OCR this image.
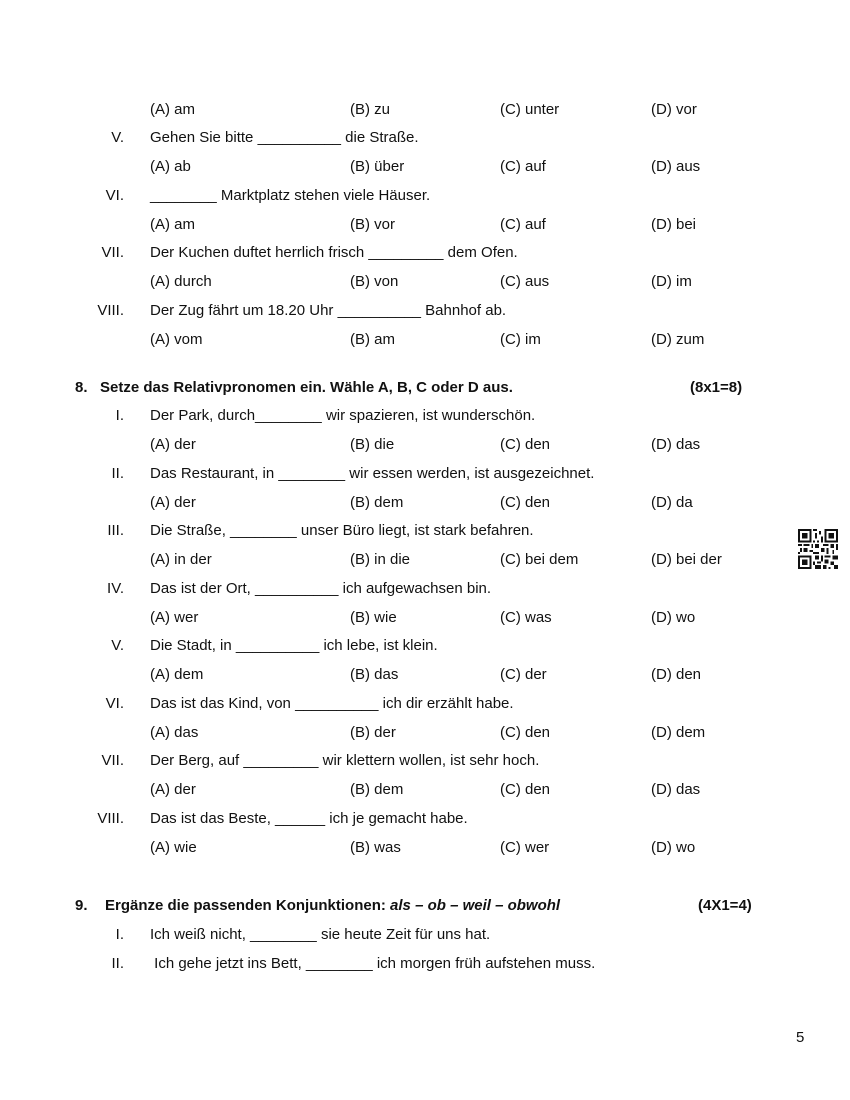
(A) am	(B) zu	(C) unter	(D) vor
V. Gehen Sie bitte __________ die Straße.
(A) ab	(B) über	(C) auf	(D) aus
VI. ________ Marktplatz stehen viele Häuser.
(A) am	(B) vor	(C) auf	(D) bei
VII. Der Kuchen duftet herrlich frisch _________ dem Ofen.
(A) durch	(B) von	(C) aus	(D) im
VIII. Der Zug fährt um 18.20 Uhr __________ Bahnhof ab.
(A) vom	(B) am	(C) im	(D) zum
8. Setze das Relativpronomen ein. Wähle A, B, C oder D aus.	(8x1=8)
I. Der Park, durch________ wir spazieren, ist wunderschön.
(A) der	(B) die	(C) den	(D) das
II. Das Restaurant, in ________ wir essen werden, ist ausgezeichnet.
(A) der	(B) dem	(C) den	(D) da
III. Die Straße, ________ unser Büro liegt, ist stark befahren.
(A) in der	(B) in die	(C) bei dem	(D) bei der
IV. Das ist der Ort, __________ ich aufgewachsen bin.
(A) wer	(B) wie	(C) was	(D) wo
V. Die Stadt, in __________ ich lebe, ist klein.
(A) dem	(B) das	(C) der	(D) den
VI. Das ist das Kind, von __________ ich dir erzählt habe.
(A) das	(B) der	(C) den	(D) dem
VII. Der Berg, auf _________ wir klettern wollen, ist sehr hoch.
(A) der	(B) dem	(C) den	(D) das
VIII. Das ist das Beste, ______ ich je gemacht habe.
(A) wie	(B) was	(C) wer	(D) wo
9. Ergänze die passenden Konjunktionen: als – ob – weil – obwohl	(4X1=4)
I. Ich weiß nicht, ________ sie heute Zeit für uns hat.
II. Ich gehe jetzt ins Bett, ________ ich morgen früh aufstehen muss.
5
